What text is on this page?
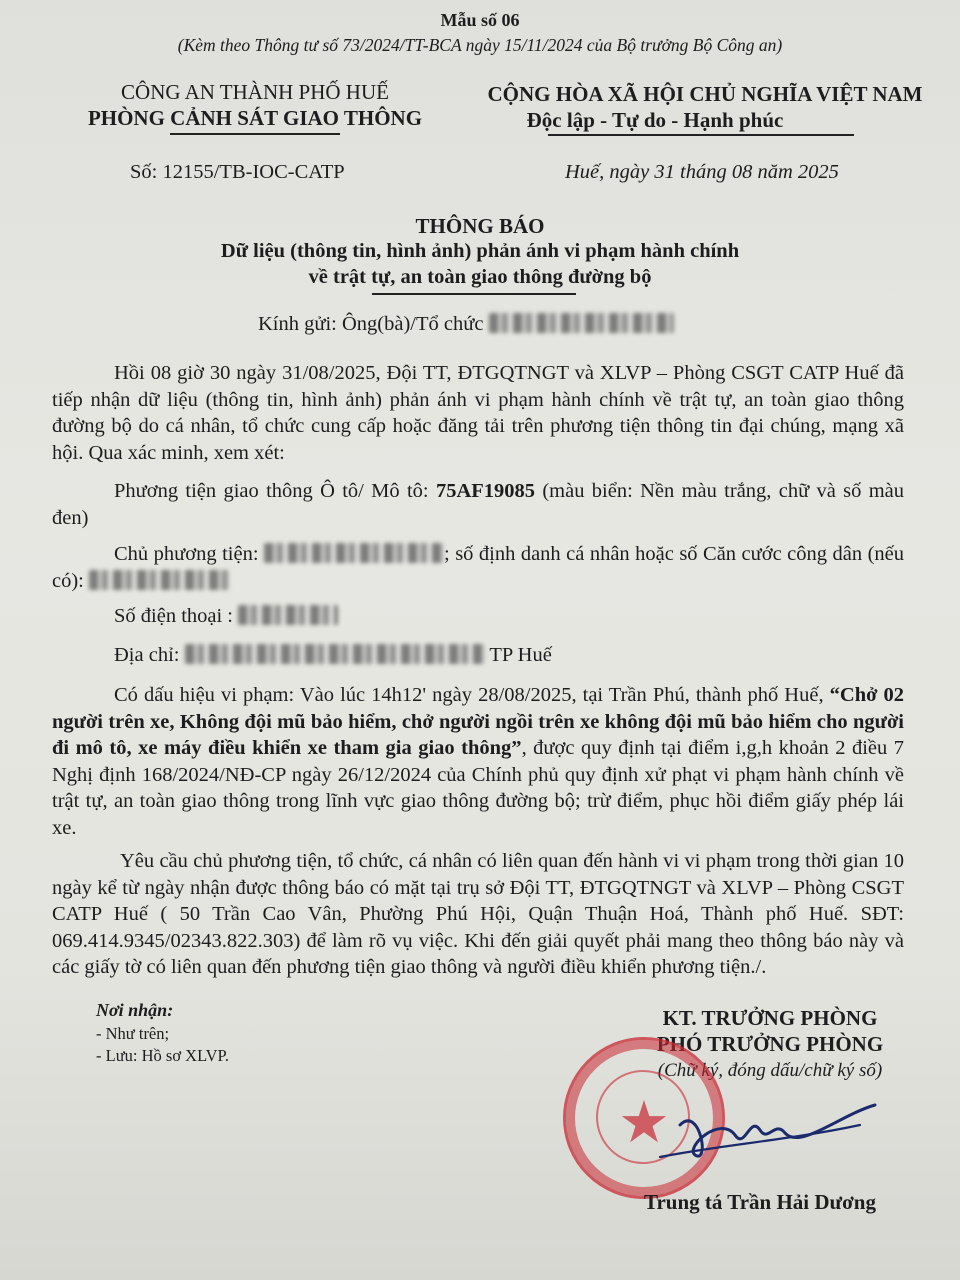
Mẫu số 06
(Kèm theo Thông tư số 73/2024/TT-BCA ngày 15/11/2024 của Bộ trưởng Bộ Công an)
CÔNG AN THÀNH PHỐ HUẾ
PHÒNG CẢNH SÁT GIAO THÔNG
CỘNG HÒA XÃ HỘI CHỦ NGHĨA VIỆT NAM
Độc lập - Tự do - Hạnh phúc
Số: 12155/TB-IOC-CATP	Huế, ngày 31 tháng 08 năm 2025
THÔNG BÁO
Dữ liệu (thông tin, hình ảnh) phản ánh vi phạm hành chính
về trật tự, an toàn giao thông đường bộ
Kính gửi: Ông(bà)/Tổ chức
Hồi 08 giờ 30 ngày 31/08/2025, Đội TT, ĐTGQTNGT và XLVP – Phòng CSGT CATP Huế đã tiếp nhận dữ liệu (thông tin, hình ảnh) phản ánh vi phạm hành chính về trật tự, an toàn giao thông đường bộ do cá nhân, tổ chức cung cấp hoặc đăng tải trên phương tiện thông tin đại chúng, mạng xã hội. Qua xác minh, xem xét:
Phương tiện giao thông Ô tô/ Mô tô: 75AF19085 (màu biển: Nền màu trắng, chữ và số màu đen)
Chủ phương tiện:	; số định danh cá nhân hoặc số Căn cước công dân (nếu có):
Số điện thoại :
Địa chỉ:	TP Huế
Có dấu hiệu vi phạm: Vào lúc 14h12' ngày 28/08/2025, tại Trần Phú, thành phố Huế, “Chở 02 người trên xe, Không đội mũ bảo hiểm, chở người ngồi trên xe không đội mũ bảo hiểm cho người đi mô tô, xe máy điều khiển xe tham gia giao thông”, được quy định tại điểm i,g,h khoản 2 điều 7 Nghị định 168/2024/NĐ-CP ngày 26/12/2024 của Chính phủ quy định xử phạt vi phạm hành chính về trật tự, an toàn giao thông trong lĩnh vực giao thông đường bộ; trừ điểm, phục hồi điểm giấy phép lái xe.
Yêu cầu chủ phương tiện, tổ chức, cá nhân có liên quan đến hành vi vi phạm trong thời gian 10 ngày kể từ ngày nhận được thông báo có mặt tại trụ sở Đội TT, ĐTGQTNGT và XLVP – Phòng CSGT CATP Huế ( 50 Trần Cao Vân, Phường Phú Hội, Quận Thuận Hoá, Thành phố Huế. SĐT: 069.414.9345/02343.822.303) để làm rõ vụ việc. Khi đến giải quyết phải mang theo thông báo này và các giấy tờ có liên quan đến phương tiện giao thông và người điều khiển phương tiện./.
Nơi nhận:
- Như trên;
- Lưu: Hồ sơ XLVP.
KT. TRƯỞNG PHÒNG
PHÓ TRƯỞNG PHÒNG
(Chữ ký, đóng dấu/chữ ký số)
★
Trung tá Trần Hải Dương
